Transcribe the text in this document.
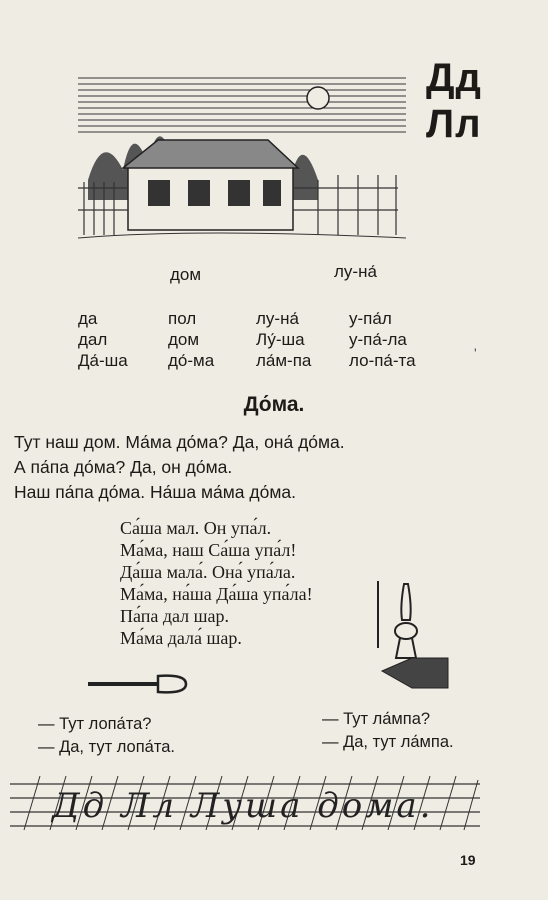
Дд
Лл
дом	лу-на́
да	пол	лу-на́	у-па́л
дал	дом	Лу́-ша	у-па́-ла
Да́-ша	до́-ма	ла́м-па	ло-па́-та	ʹ
До́ма.
Тут наш дом. Ма́ма до́ма? Да, она́ до́ма.
А па́па до́ма? Да, он до́ма.
Наш па́па до́ма. На́ша ма́ма до́ма.
Са́ша мал. Он упа́л.
Ма́ма, наш Са́ша упа́л!
Да́ша мала́. Она́ упа́ла.
Ма́ма, на́ша Да́ша упа́ла!
Па́па дал шар.
Ма́ма дала́ шар.
— Тут лопа́та?
— Да, тут лопа́та.
— Тут ла́мпа?
— Да, тут ла́мпа.
Дд Лл Луша дома.
19
